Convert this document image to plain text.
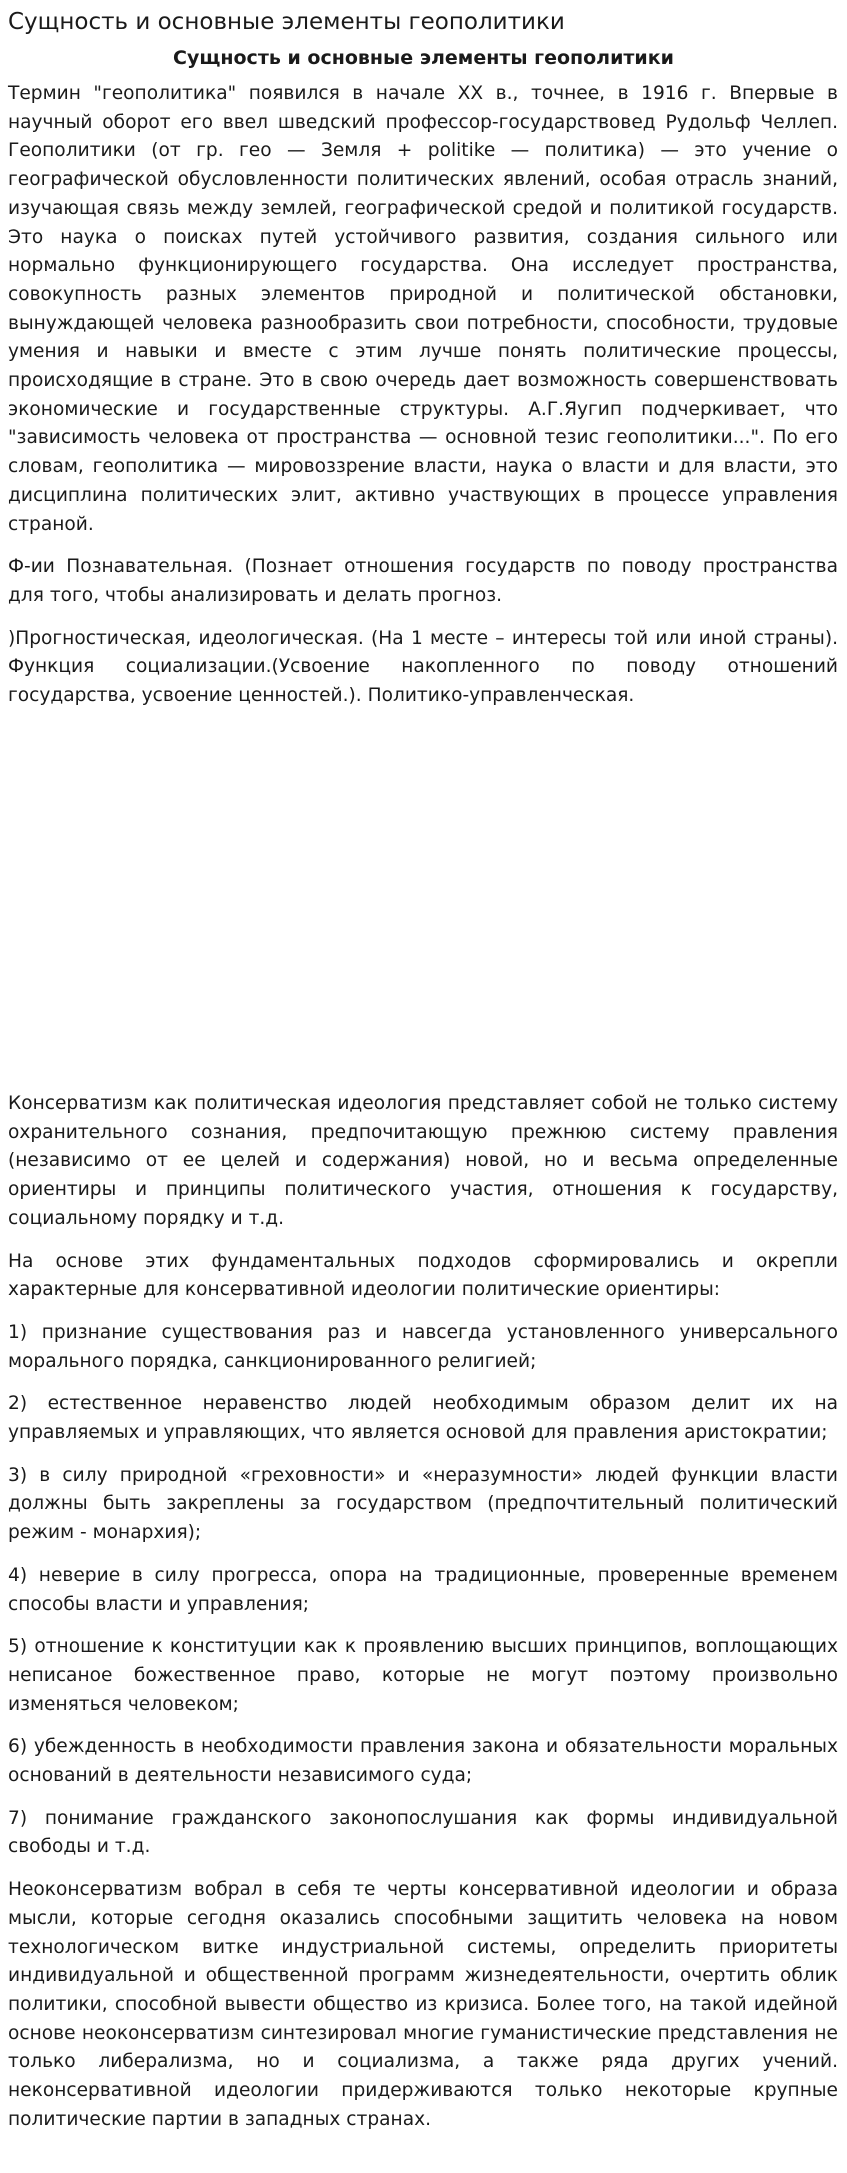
Сущность и основные элементы геополитики
Сущность и основные элементы геополитики

Термин "геополитика" появился в начале XX в., точнее, в 1916 г. Впервые в научный оборот его ввел шведский профессор-государствовед Рудольф Челлеп. Геополитики (от гр. гео — Земля + politike — политика) — это учение о географической обусловленности политических явлений, особая отрасль знаний, изучающая связь между землей, географической средой и политикой государств. Это наука о поисках путей устойчивого развития, создания сильного или нормально функционирующего государства. Она исследует пространства, совокупность разных элементов природной и политической обстановки, вынуждающей человека разнообразить свои потребности, способности, трудовые умения и навыки и вместе с этим лучше понять политические процессы, происходящие в стране. Это в свою очередь дает возможность совершенствовать экономические и государственные структуры. А.Г.Яугип подчеркивает, что "зависимость человека от пространства — основной тезис геополитики...". По его словам, геополитика — мировоззрение власти, наука о власти и для власти, это дисциплина политических элит, активно участвующих в процессе управления страной.

Ф-ии Познавательная. (Познает отношения государств по поводу пространства для того, чтобы анализировать и делать прогноз.

)Прогностическая, идеологическая. (На 1 месте – интересы той или иной страны). Функция социализации.(Усвоение накопленного по поводу отношений государства, усвоение ценностей.). Политико-управленческая.

Консерватизм как политическая идеология представляет собой не только систему охранительного сознания, предпочитающую прежнюю систему правления (независимо от ее целей и содержания) новой, но и весьма определенные ориентиры и принципы политического участия, отношения к государству, социальному порядку и т.д.

На основе этих фундаментальных подходов сформировались и окрепли характерные для консервативной идеологии политические ориентиры:

1) признание существования раз и навсегда установленного универсального морального порядка, санкционированного религией;

2) естественное неравенство людей необходимым образом делит их на управляемых и управляющих, что является основой для правления аристократии;

3) в силу природной «греховности» и «неразумности» людей функции власти должны быть закреплены за государством (предпочтительный политический режим - монархия);

4) неверие в силу прогресса, опора на традиционные, проверенные временем способы власти и управления;

5) отношение к конституции как к проявлению высших принципов, воплощающих неписаное божественное право, которые не могут поэтому произвольно изменяться человеком;

6) убежденность в необходимости правления закона и обязательности моральных оснований в деятельности независимого суда;

7) понимание гражданского законопослушания как формы индивидуальной свободы и т.д.

Неоконсерватизм вобрал в себя те черты консервативной идеологии и образа мысли, которые сегодня оказались способными защитить человека на новом технологическом витке индустриальной системы, определить приоритеты индивидуальной и общественной программ жизнедеятельности, очертить облик политики, способной вывести общество из кризиса. Более того, на такой идейной основе неоконсерватизм синтезировал многие гуманистические представления не только либерализма, но и социализма, а также ряда других учений. неконсервативной идеологии придерживаются только некоторые крупные политические партии в западных странах.
